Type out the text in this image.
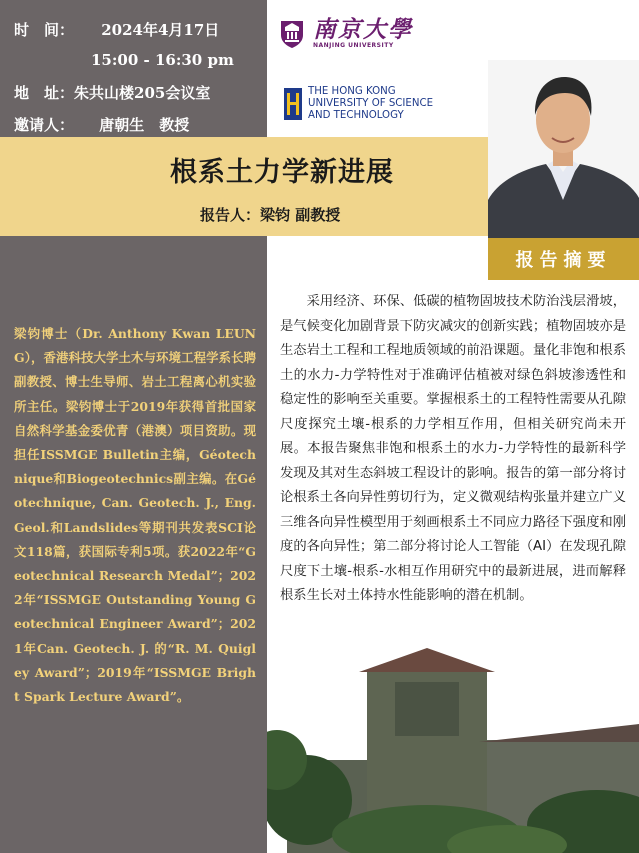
时　间： 2024年4月17日
15:00 - 16:30 pm
地　址：朱共山楼205会议室
邀请人： 唐朝生　教授
南京大學
NANJING UNIVERSITY
THE HONG KONG
UNIVERSITY OF SCIENCE
AND TECHNOLOGY
根系土力学新进展
报告人：梁钧 副教授
报告摘要

采用经济、环保、低碳的植物固坡技术防治浅层滑坡，是气候变化加剧背景下防灾减灾的创新实践；植物固坡亦是生态岩土工程和工程地质领域的前沿课题。量化非饱和根系土的水力-力学特性对于准确评估植被对绿色斜坡渗透性和稳定性的影响至关重要。掌握根系土的工程特性需要从孔隙尺度探究土壤-根系的力学相互作用，但相关研究尚未开展。本报告聚焦非饱和根系土的水力-力学特性的最新科学发现及其对生态斜坡工程设计的影响。报告的第一部分将讨论根系土各向异性剪切行为，定义微观结构张量并建立广义三维各向异性模型用于刻画根系土不同应力路径下强度和刚度的各向异性；第二部分将讨论人工智能（AI）在发现孔隙尺度下土壤-根系-水相互作用研究中的最新进展，进而解释根系生长对土体持水性能影响的潜在机制。

梁钧博士（Dr. Anthony Kwan LEUNG），香港科技大学土木与环境工程学系长聘副教授、博士生导师、岩土工程离心机实验所主任。梁钧博士于2019年获得首批国家自然科学基金委优青（港澳）项目资助。现担任ISSMGE Bulletin主编，Géotechnique和Biogeotechnics副主编。在Géotechnique, Can. Geotech. J., Eng. Geol.和Landslides等期刊共发表SCI论文118篇，获国际专利5项。获2022年“Geotechnical Research Medal”；2022年“ISSMGE Outstanding Young Geotechnical Engineer Award”；2021年Can. Geotech. J. 的“R. M. Quigley Award”；2019年“ISSMGE Bright Spark Lecture Award”。
